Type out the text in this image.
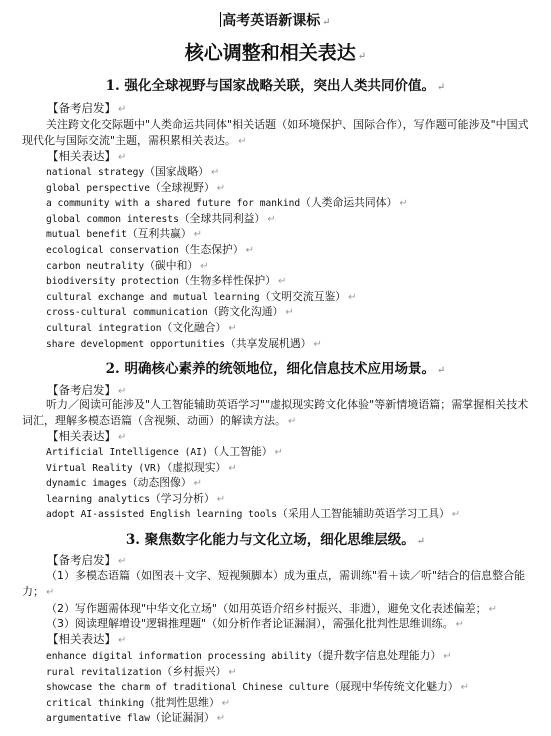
高考英语新课标 ↵
核心调整和相关表达 ↵
1. 强化全球视野与国家战略关联，突出人类共同价值。 ↵
【备考启发】 ↵
关注跨文化交际题中"人类命运共同体"相关话题（如环境保护、国际合作），写作题可能涉及"中国式现代化与国际交流"主题，需积累相关表达。 ↵
【相关表达】 ↵
national strategy（国家战略） ↵
global perspective（全球视野） ↵
a community with a shared future for mankind（人类命运共同体） ↵
global common interests（全球共同利益） ↵
mutual benefit（互利共赢） ↵
ecological conservation（生态保护） ↵
carbon neutrality（碳中和） ↵
biodiversity protection（生物多样性保护） ↵
cultural exchange and mutual learning（文明交流互鉴） ↵
cross-cultural communication（跨文化沟通） ↵
cultural integration（文化融合） ↵
share development opportunities（共享发展机遇） ↵
2. 明确核心素养的统领地位，细化信息技术应用场景。 ↵
【备考启发】 ↵
听力／阅读可能涉及"人工智能辅助英语学习""虚拟现实跨文化体验"等新情境语篇；需掌握相关技术词汇，理解多模态语篇（含视频、动画）的解读方法。 ↵
【相关表达】 ↵
Artificial Intelligence (AI)（人工智能） ↵
Virtual Reality (VR)（虚拟现实） ↵
dynamic images（动态图像） ↵
learning analytics（学习分析） ↵
adopt AI-assisted English learning tools（采用人工智能辅助英语学习工具） ↵
3. 聚焦数字化能力与文化立场，细化思维层级。 ↵
【备考启发】 ↵
（1）多模态语篇（如图表＋文字、短视频脚本）成为重点，需训练"看＋读／听"结合的信息整合能力； ↵
（2）写作题需体现"中华文化立场"（如用英语介绍乡村振兴、非遗），避免文化表述偏差； ↵
（3）阅读理解增设"逻辑推理题"（如分析作者论证漏洞），需强化批判性思维训练。 ↵
【相关表达】 ↵
enhance digital information processing ability（提升数字信息处理能力） ↵
rural revitalization（乡村振兴） ↵
showcase the charm of traditional Chinese culture（展现中华传统文化魅力） ↵
critical thinking（批判性思维） ↵
argumentative flaw（论证漏洞） ↵
